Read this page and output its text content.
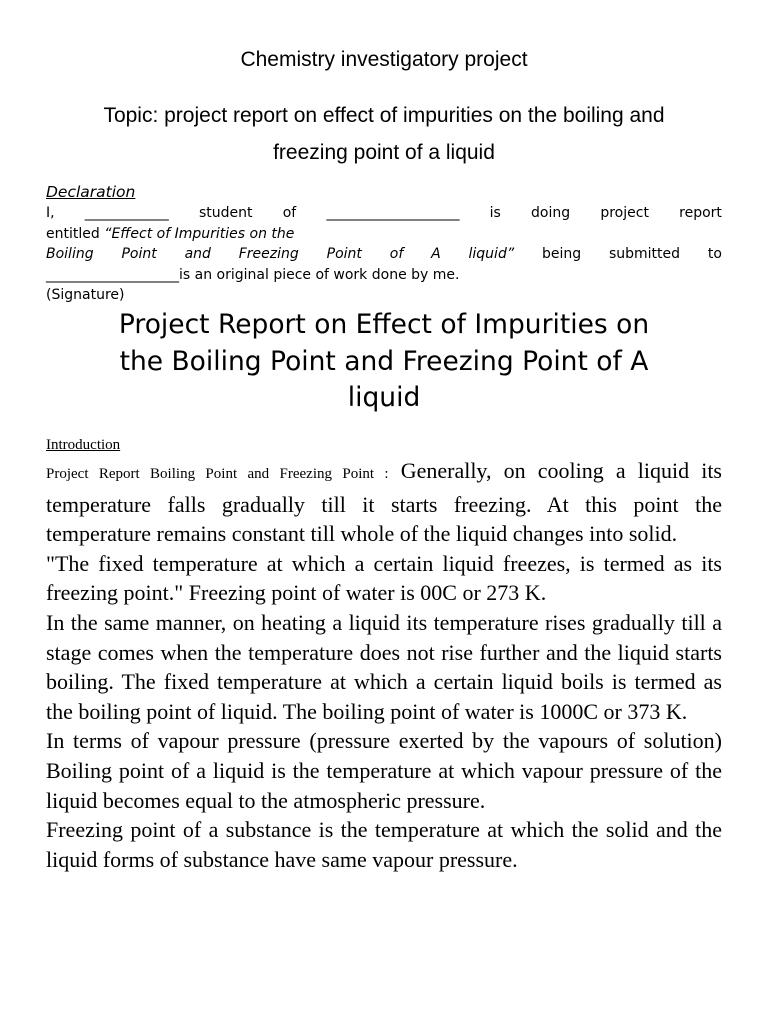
Chemistry investigatory project
Topic: project report on effect of impurities on the boiling and
freezing point of a liquid
Declaration
I, ____________ student of ___________________ is doing project report
entitled “Effect of Impurities on the
Boiling Point and Freezing Point of A liquid” being submitted to
___________________is an original piece of work done by me.
(Signature)
Project Report on Effect of Impurities on
the Boiling Point and Freezing Point of A
liquid
Introduction

Project Report Boiling Point and Freezing Point : Generally, on cooling a liquid its temperature falls gradually till it starts freezing. At this point the temperature remains constant till whole of the liquid changes into solid.

"The fixed temperature at which a certain liquid freezes, is termed as its freezing point." Freezing point of water is 00C or 273 K.

In the same manner, on heating a liquid its temperature rises gradually till a stage comes when the temperature does not rise further and the liquid starts boiling. The fixed temperature at which a certain liquid boils is termed as the boiling point of liquid. The boiling point of water is 1000C or 373 K.

In terms of vapour pressure (pressure exerted by the vapours of solution) Boiling point of a liquid is the temperature at which vapour pressure of the liquid becomes equal to the atmospheric pressure.

Freezing point of a substance is the temperature at which the solid and the liquid forms of substance have same vapour pressure.
